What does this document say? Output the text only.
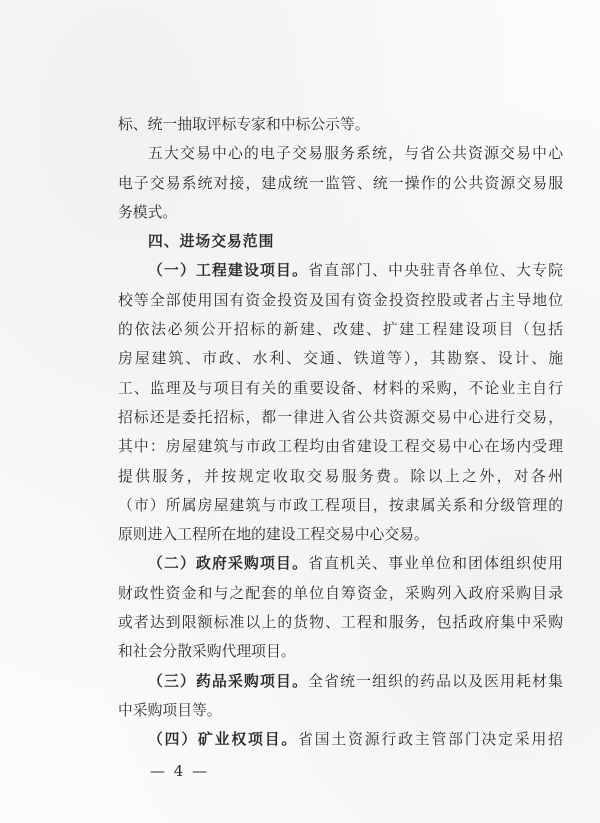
标、统一抽取评标专家和中标公示等。
五大交易中心的电子交易服务系统，与省公共资源交易中心
电子交易系统对接，建成统一监管、统一操作的公共资源交易服
务模式。
四、进场交易范围
（一）工程建设项目。省直部门、中央驻青各单位、大专院
校等全部使用国有资金投资及国有资金投资控股或者占主导地位
的依法必须公开招标的新建、改建、扩建工程建设项目（包括
房屋建筑、市政、水利、交通、铁道等），其勘察、设计、施
工、监理及与项目有关的重要设备、材料的采购，不论业主自行
招标还是委托招标，都一律进入省公共资源交易中心进行交易，
其中：房屋建筑与市政工程均由省建设工程交易中心在场内受理
提供服务，并按规定收取交易服务费。除以上之外，对各州
（市）所属房屋建筑与市政工程项目，按隶属关系和分级管理的
原则进入工程所在地的建设工程交易中心交易。
（二）政府采购项目。省直机关、事业单位和团体组织使用
财政性资金和与之配套的单位自筹资金，采购列入政府采购目录
或者达到限额标准以上的货物、工程和服务，包括政府集中采购
和社会分散采购代理项目。
（三）药品采购项目。全省统一组织的药品以及医用耗材集
中采购项目等。
（四）矿业权项目。省国土资源行政主管部门决定采用招
— 4 —
